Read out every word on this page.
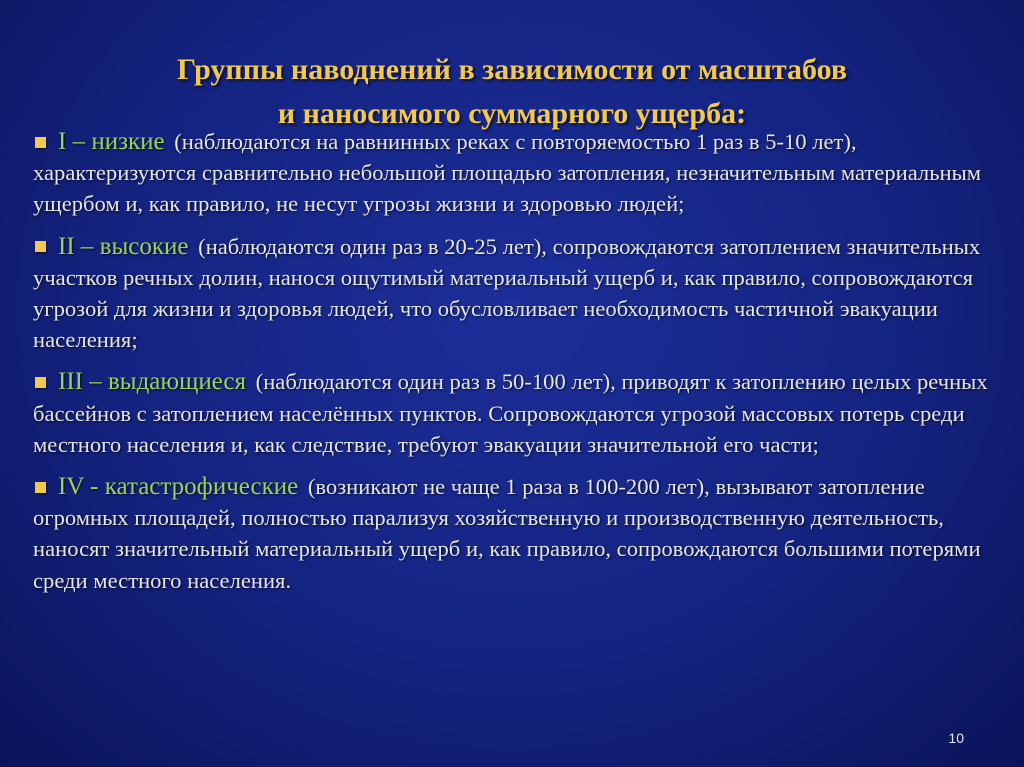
Группы наводнений в зависимости от масштабов
и наносимого суммарного ущерба:
I – низкие (наблюдаются на равнинных реках с повторяемостью 1 раз в 5-10 лет), характеризуются сравнительно небольшой площадью затопления, незначительным материальным ущербом и, как правило, не несут угрозы жизни и здоровью людей;
II – высокие (наблюдаются один раз в 20-25 лет), сопровождаются затоплением значительных участков речных долин, нанося ощутимый материальный ущерб и, как правило, сопровождаются угрозой для жизни и здоровья людей, что обусловливает необходимость частичной эвакуации населения;
III – выдающиеся (наблюдаются один раз в 50-100 лет), приводят к затоплению целых речных бассейнов с затоплением населённых пунктов. Сопровождаются угрозой массовых потерь среди местного населения и, как следствие, требуют эвакуации значительной его части;
IV - катастрофические (возникают не чаще 1 раза в 100-200 лет), вызывают затопление огромных площадей, полностью парализуя хозяйственную и производственную деятельность, наносят значительный материальный ущерб и, как правило, сопровождаются большими потерями среди местного населения.
10
